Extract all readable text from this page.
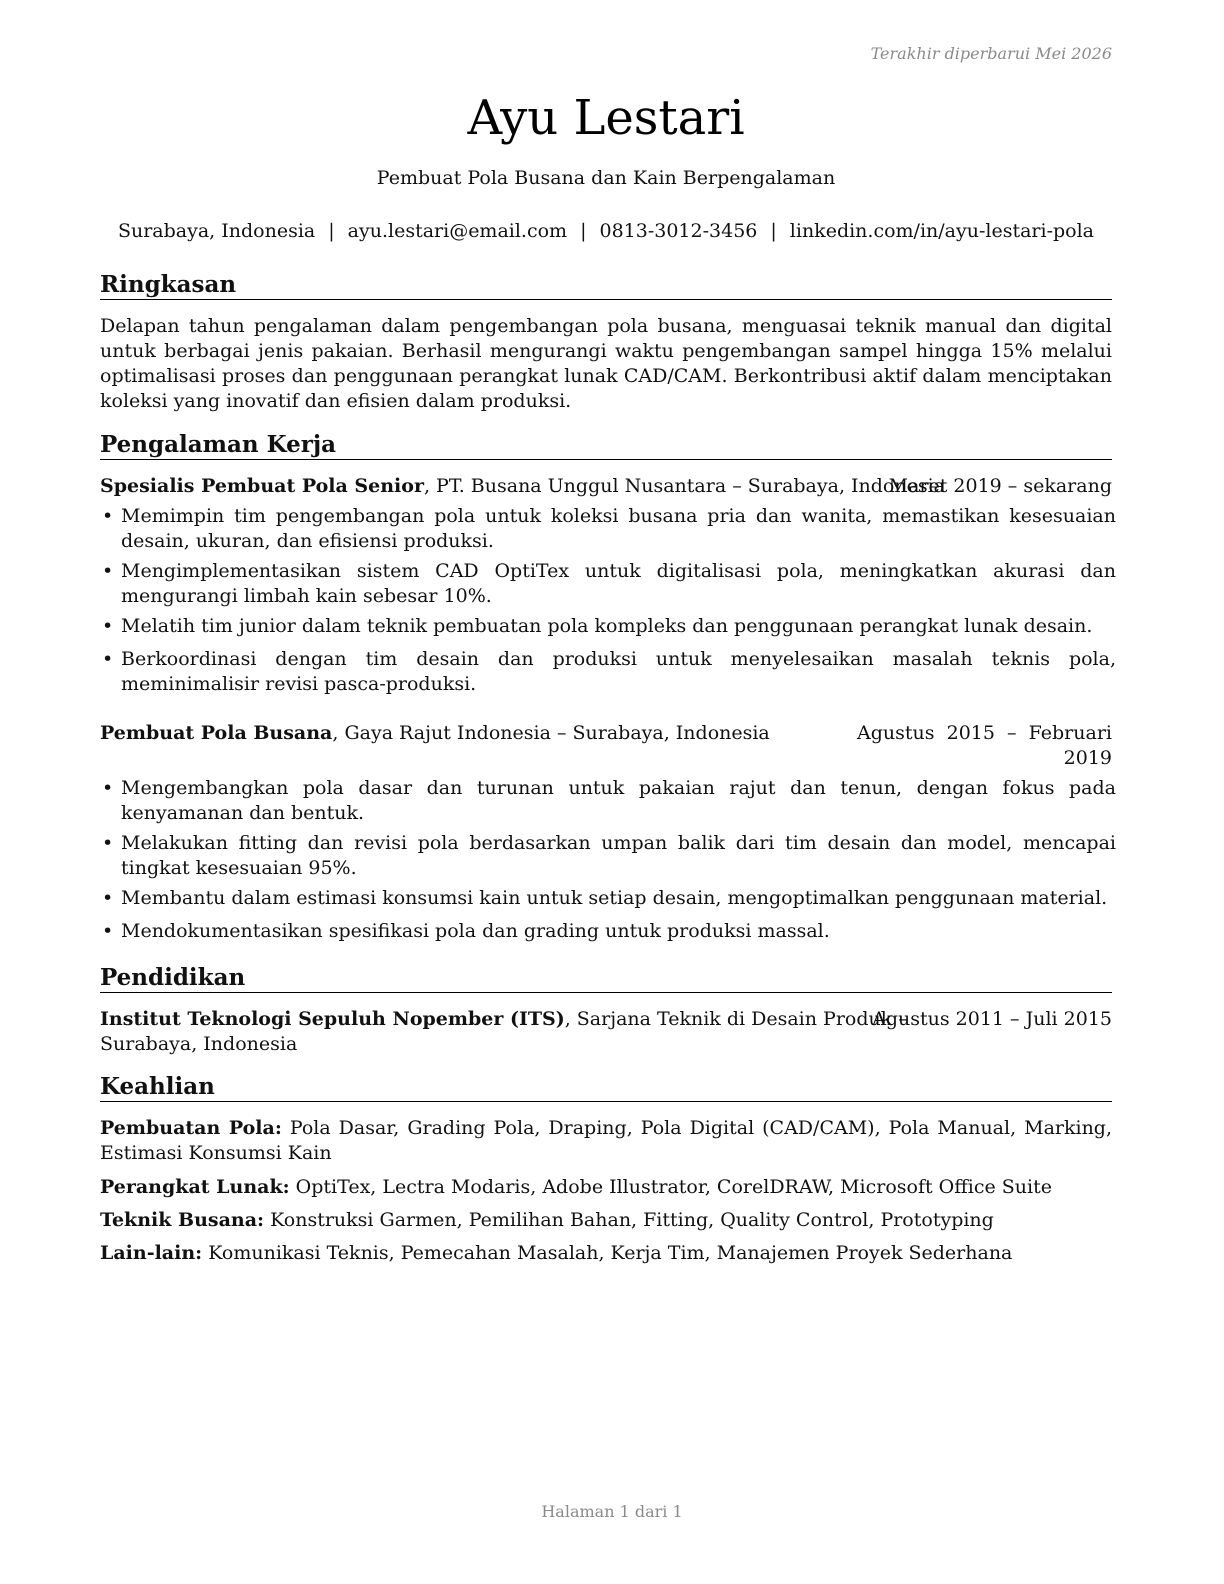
Terakhir diperbarui Mei 2026
Ayu Lestari
Pembuat Pola Busana dan Kain Berpengalaman
Surabaya, Indonesia | ayu.lestari@email.com | 0813-3012-3456 | linkedin.com/in/ayu-lestari-pola
Ringkasan
Delapan tahun pengalaman dalam pengembangan pola busana, menguasai teknik manual dan digital untuk berbagai jenis pakaian. Berhasil mengurangi waktu pengembangan sampel hingga 15% melalui optimalisasi proses dan penggunaan perangkat lunak CAD/CAM. Berkontribusi aktif dalam menciptakan koleksi yang inovatif dan efisien dalam produksi.
Pengalaman Kerja
Spesialis Pembuat Pola Senior, PT. Busana Unggul Nusantara – Surabaya, Indonesia
Maret 2019 – sekarang
• Memimpin tim pengembangan pola untuk koleksi busana pria dan wanita, memastikan kesesuaian desain, ukuran, dan efisiensi produksi.
• Mengimplementasikan sistem CAD OptiTex untuk digitalisasi pola, meningkatkan akurasi dan mengurangi limbah kain sebesar 10%.
• Melatih tim junior dalam teknik pembuatan pola kompleks dan penggunaan perangkat lunak desain.
• Berkoordinasi dengan tim desain dan produksi untuk menyelesaikan masalah teknis pola, meminimalisir revisi pasca-produksi.
Pembuat Pola Busana, Gaya Rajut Indonesia – Surabaya, Indonesia	Agustus  2015  –  Februari
2019
• Mengembangkan pola dasar dan turunan untuk pakaian rajut dan tenun, dengan fokus pada kenyamanan dan bentuk.
• Melakukan fitting dan revisi pola berdasarkan umpan balik dari tim desain dan model, mencapai tingkat kesesuaian 95%.
• Membantu dalam estimasi konsumsi kain untuk setiap desain, mengoptimalkan penggunaan material.
• Mendokumentasikan spesifikasi pola dan grading untuk produksi massal.
Pendidikan
Institut Teknologi Sepuluh Nopember (ITS), Sarjana Teknik di Desain Produk –
Surabaya, Indonesia
Agustus 2011 – Juli 2015
Keahlian
Pembuatan Pola: Pola Dasar, Grading Pola, Draping, Pola Digital (CAD/CAM), Pola Manual, Marking, Estimasi Konsumsi Kain
Perangkat Lunak: OptiTex, Lectra Modaris, Adobe Illustrator, CorelDRAW, Microsoft Office Suite
Teknik Busana: Konstruksi Garmen, Pemilihan Bahan, Fitting, Quality Control, Prototyping
Lain-lain: Komunikasi Teknis, Pemecahan Masalah, Kerja Tim, Manajemen Proyek Sederhana
Halaman 1 dari 1
